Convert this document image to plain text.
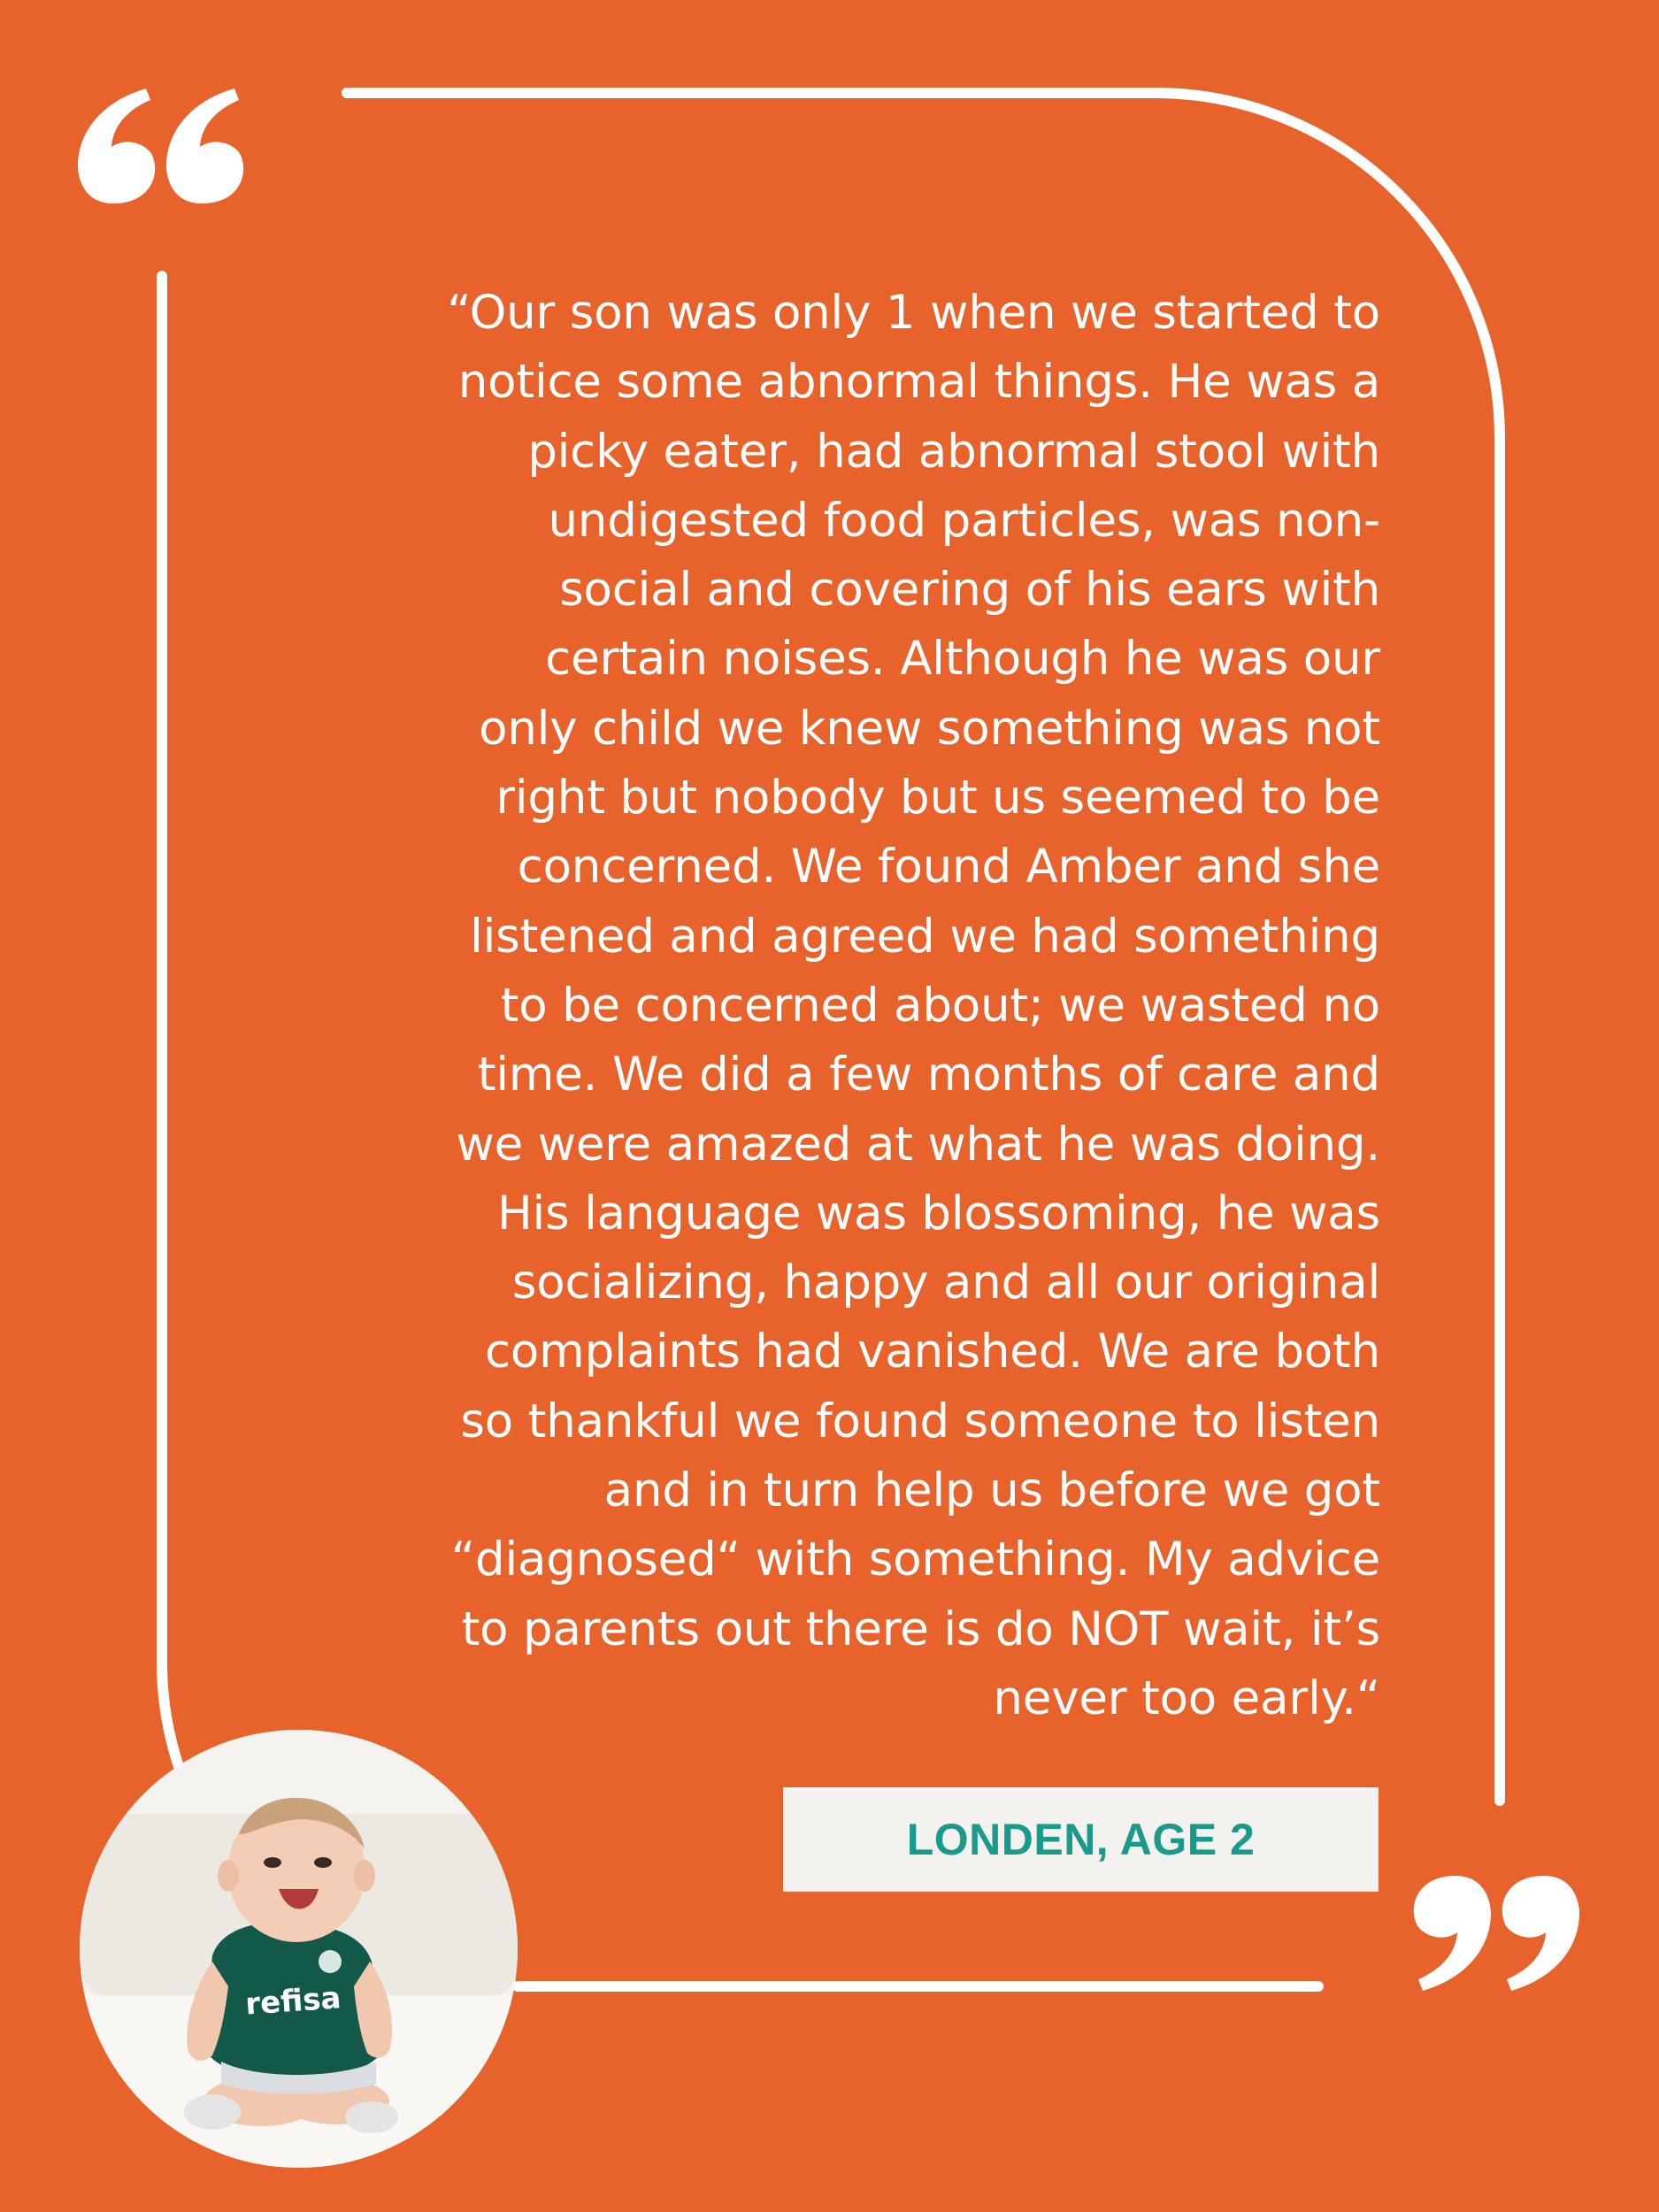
“Our son was only 1 when we started to
notice some abnormal things. He was a
picky eater, had abnormal stool with
undigested food particles, was non-
social and covering of his ears with
certain noises. Although he was our
only child we knew something was not
right but nobody but us seemed to be
concerned. We found Amber and she
listened and agreed we had something
to be concerned about; we wasted no
time. We did a few months of care and
we were amazed at what he was doing.
His language was blossoming, he was
socializing, happy and all our original
complaints had vanished. We are both
so thankful we found someone to listen
and in turn help us before we got
“diagnosed“ with something. My advice
to parents out there is do NOT wait, it’s
never too early.“
LONDEN, AGE 2
refisa
